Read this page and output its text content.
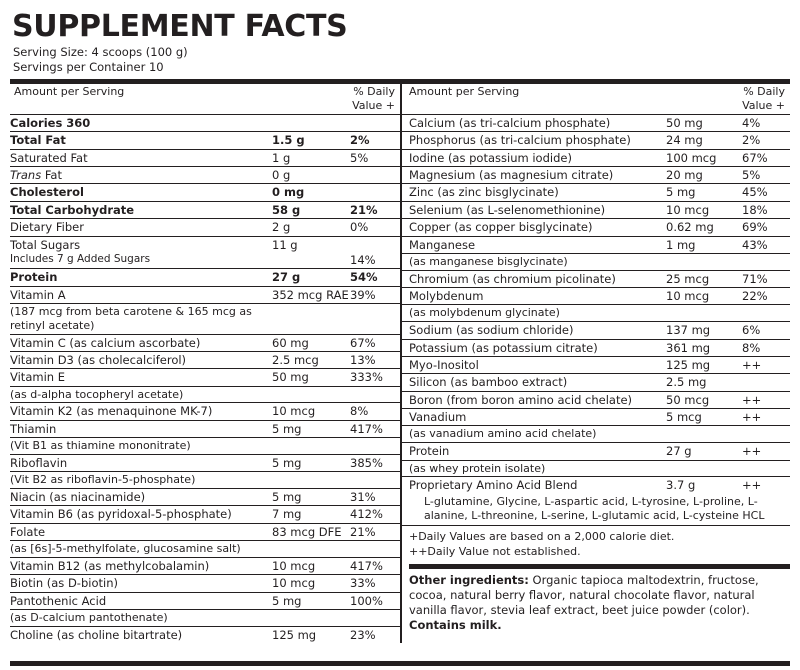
SUPPLEMENT FACTS
Serving Size: 4 scoops (100 g)
Servings per Container 10
Amount per Serving		% Daily Value +
Calories 360		
Total Fat	1.5 g	2%
Saturated Fat	1 g	5%
Trans Fat	0 g	
Cholesterol	0 mg	
Total Carbohydrate	58 g	21%
Dietary Fiber	2 g	0%
Total Sugars	11 g	
Includes 7 g Added Sugars		14%
Protein	27 g	54%
Vitamin A	352 mcg RAE	39%
(187 mcg from beta carotene & 165 mcg as retinyl acetate)		
Vitamin C (as calcium ascorbate)	60 mg	67%
Vitamin D3 (as cholecalciferol)	2.5 mcg	13%
Vitamin E	50 mg	333%
(as d-alpha tocopheryl acetate)		
Vitamin K2 (as menaquinone MK-7)	10 mcg	8%
Thiamin	5 mg	417%
(Vit B1 as thiamine mononitrate)		
Riboflavin	5 mg	385%
(Vit B2 as riboflavin-5-phosphate)		
Niacin (as niacinamide)	5 mg	31%
Vitamin B6 (as pyridoxal-5-phosphate)	7 mg	412%
Folate	83 mcg DFE	21%
(as [6s]-5-methylfolate, glucosamine salt)		
Vitamin B12 (as methylcobalamin)	10 mcg	417%
Biotin (as D-biotin)	10 mcg	33%
Pantothenic Acid	5 mg	100%
(as D-calcium pantothenate)		
Choline (as choline bitartrate)	125 mg	23%
Amount per Serving		% Daily Value +
Calcium (as tri-calcium phosphate)	50 mg	4%
Phosphorus (as tri-calcium phosphate)	24 mg	2%
Iodine (as potassium iodide)	100 mcg	67%
Magnesium (as magnesium citrate)	20 mg	5%
Zinc (as zinc bisglycinate)	5 mg	45%
Selenium (as L-selenomethionine)	10 mcg	18%
Copper (as copper bisglycinate)	0.62 mg	69%
Manganese	1 mg	43%
(as manganese bisglycinate)		
Chromium (as chromium picolinate)	25 mcg	71%
Molybdenum	10 mcg	22%
(as molybdenum glycinate)		
Sodium (as sodium chloride)	137 mg	6%
Potassium (as potassium citrate)	361 mg	8%
Myo-Inositol	125 mg	++
Silicon (as bamboo extract)	2.5 mg	
Boron (from boron amino acid chelate)	50 mcg	++
Vanadium	5 mcg	++
(as vanadium amino acid chelate)		
Protein	27 g	++
(as whey protein isolate)		
Proprietary Amino Acid Blend	3.7 g	++
L-glutamine, Glycine, L-aspartic acid, L-tyrosine, L-proline, L-alanine, L-threonine, L-serine, L-glutamic acid, L-cysteine HCL
+Daily Values are based on a 2,000 calorie diet.
++Daily Value not established.
Other ingredients: Organic tapioca maltodextrin, fructose, cocoa, natural berry flavor, natural chocolate flavor, natural vanilla flavor, stevia leaf extract, beet juice powder (color).
Contains milk.
